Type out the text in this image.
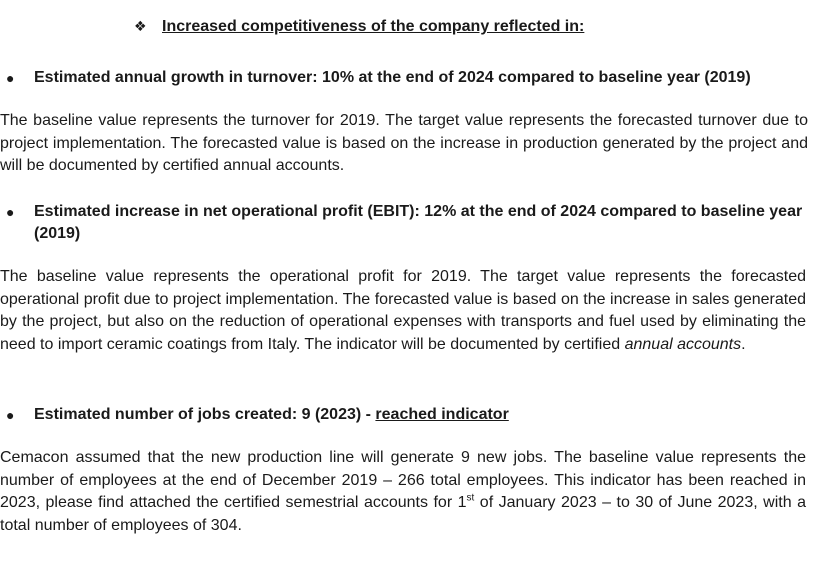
❖ Increased competitiveness of the company reflected in:
● Estimated annual growth in turnover: 10% at the end of 2024 compared to baseline year (2019)
The baseline value represents the turnover for 2019. The target value represents the forecasted turnover due to project implementation. The forecasted value is based on the increase in production generated by the project and will be documented by certified annual accounts.
● Estimated increase in net operational profit (EBIT): 12% at the end of 2024 compared to baseline year (2019)
The baseline value represents the operational profit for 2019. The target value represents the forecasted operational profit due to project implementation. The forecasted value is based on the increase in sales generated by the project, but also on the reduction of operational expenses with transports and fuel used by eliminating the need to import ceramic coatings from Italy. The indicator will be documented by certified annual accounts.
● Estimated number of jobs created: 9 (2023) - reached indicator
Cemacon assumed that the new production line will generate 9 new jobs. The baseline value represents the number of employees at the end of December 2019 – 266 total employees. This indicator has been reached in 2023, please find attached the certified semestrial accounts for 1st of January 2023 – to 30 of June 2023, with a total number of employees of 304.
